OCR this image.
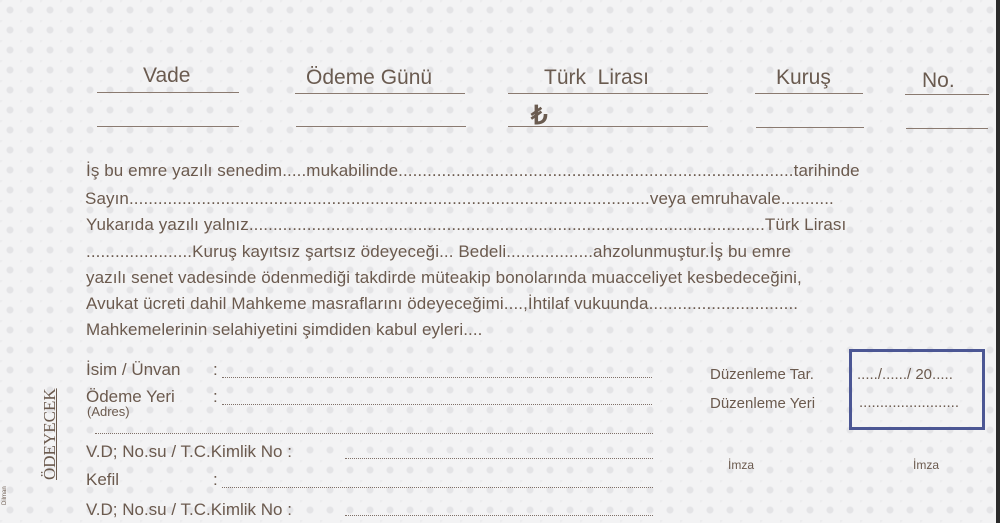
Vade	Ödeme Günü	Türk  Lirası	Kuruş	No.
₺
İş bu emre yazılı senedim.....mukabilinde..................................................................................tarihinde
Sayın............................................................................................................veya emruhavale...........
Yukarıda yazılı yalnız...........................................................................................................Türk Lirası
......................Kuruş kayıtsız şartsız ödeyeceği... Bedeli..................ahzolunmuştur.İş bu emre
yazılı senet vadesinde ödenmediği takdirde müteakip bonolarında muacceliyet kesbedeceğini,
Avukat ücreti dahil Mahkeme masraflarını ödeyeceğimi....,İhtilaf vukuunda...............................
Mahkemelerinin selahiyetini şimdiden kabul eyleri....
ÖDEYECEK
Dilman
İsim / Ünvan :
Ödeme Yeri :
(Adres)
V.D; No.su / T.C.Kimlik No :
Kefil	:
V.D; No.su / T.C.Kimlik No :
Düzenleme Tar.	...../....../ 20.....
Düzenleme Yeri	........................
İmza	İmza
